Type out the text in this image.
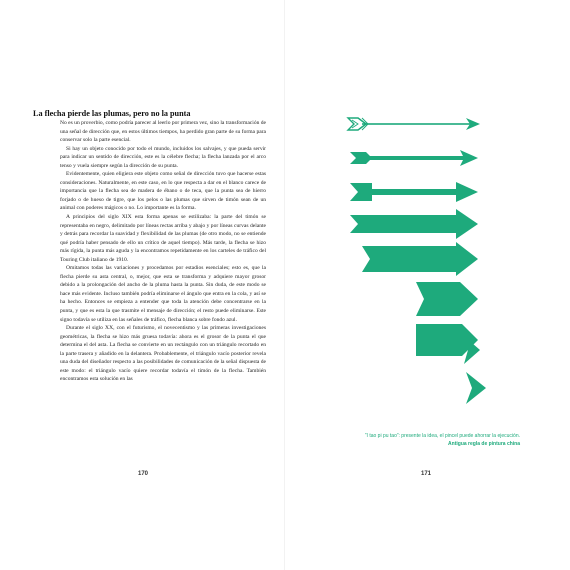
La flecha pierde las plumas, pero no la punta

No es un proverbio, como podría parecer al leerlo por primera vez, sino la transformación de una señal de dirección que, en estos últimos tiempos, ha perdido gran parte de su forma para conservar solo la parte esencial.

Si hay un objeto conocido por todo el mundo, incluidos los salvajes, y que pueda servir para indicar un sentido de dirección, este es la célebre flecha; la flecha lanzada por el arco tenso y vuela siempre según la dirección de su punta.

Evidentemente, quien eligiera este objeto como señal de dirección tuvo que hacerse estas consideraciones. Naturalmente, en este caso, en lo que respecta a dar en el blanco carece de importancia que la flecha sea de madera de ébano o de teca, que la punta sea de hierro forjado o de hueso de tigre, que los pelos o las plumas que sirven de timón sean de un animal con poderes mágicos o no. Lo importante es la forma.

A principios del siglo XIX esta forma apenas se estilizaba: la parte del timón se representaba en negro, delimitado por líneas rectas arriba y abajo y por líneas curvas delante y detrás para recordar la suavidad y flexibilidad de las plumas (de otro modo, no se entiende qué podría haber pensado de ello un crítico de aquel tiempo). Más tarde, la flecha se hizo más rígida, la punta más aguda y la encontramos repetidamente en los carteles de tráfico del Touring Club italiano de 1910.

Omitamos todas las variaciones y procedamos por estadios esenciales; esto es, que la flecha pierde su asta central, o, mejor, que esta se transforma y adquiere mayor grosor debido a la prolongación del ancho de la pluma hasta la punta. Sin duda, de este modo se hace más evidente. Incluso también podría eliminarse el ángulo que entra en la cola, y así se ha hecho. Entonces se empieza a entender que toda la atención debe concentrarse en la punta, y que es esta la que trasmite el mensaje de dirección; el resto puede eliminarse. Este signo todavía se utiliza en las señales de tráfico, flecha blanca sobre fondo azul.

Durante el siglo XX, con el futurismo, el novecentismo y las primeras investigaciones geométricas, la flecha se hizo más gruesa todavía: ahora es el grosor de la punta el que determina el del asta. La flecha se convierte en un rectángulo con un triángulo recortado en la parte trasera y añadido en la delantera. Probablemente, el triángulo vacío posterior revela una duda del diseñador respecto a las posibilidades de comunicación de la señal dispuesta de este modo: el triángulo vacío quiere recordar todavía el timón de la flecha. También encontramos esta solución en las

170
“I tao pi pu tao”: presente la idea, el pincel puede ahorrar la ejecución.
Antigua regla de pintura china
171
